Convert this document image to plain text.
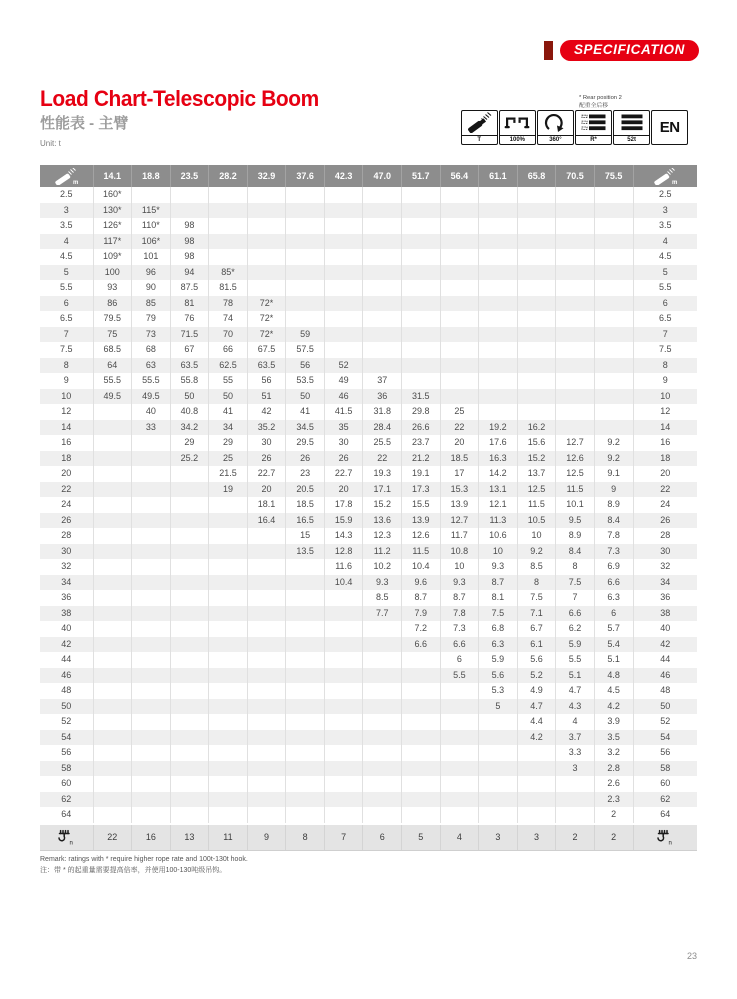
SPECIFICATION
Load Chart-Telescopic Boom
性能表 - 主臂
Unit: t
* Rear position 2
配重全后移
T	100%	360°	R*	52t
EN
m	14.1	18.8	23.5	28.2	32.9	37.6	42.3	47.0	51.7	56.4	61.1	65.8	70.5	75.5	m

2.5	160*														2.5
3	130*	115*													3
3.5	126*	110*	98												3.5
4	117*	106*	98												4
4.5	109*	101	98												4.5
5	100	96	94	85*											5
5.5	93	90	87.5	81.5											5.5
6	86	85	81	78	72*										6
6.5	79.5	79	76	74	72*										6.5
7	75	73	71.5	70	72*	59									7
7.5	68.5	68	67	66	67.5	57.5									7.5
8	64	63	63.5	62.5	63.5	56	52								8
9	55.5	55.5	55.8	55	56	53.5	49	37							9
10	49.5	49.5	50	50	51	50	46	36	31.5						10
12		40	40.8	41	42	41	41.5	31.8	29.8	25					12
14		33	34.2	34	35.2	34.5	35	28.4	26.6	22	19.2	16.2			14
16			29	29	30	29.5	30	25.5	23.7	20	17.6	15.6	12.7	9.2	16
18			25.2	25	26	26	26	22	21.2	18.5	16.3	15.2	12.6	9.2	18
20				21.5	22.7	23	22.7	19.3	19.1	17	14.2	13.7	12.5	9.1	20
22				19	20	20.5	20	17.1	17.3	15.3	13.1	12.5	11.5	9	22
24					18.1	18.5	17.8	15.2	15.5	13.9	12.1	11.5	10.1	8.9	24
26					16.4	16.5	15.9	13.6	13.9	12.7	11.3	10.5	9.5	8.4	26
28						15	14.3	12.3	12.6	11.7	10.6	10	8.9	7.8	28
30						13.5	12.8	11.2	11.5	10.8	10	9.2	8.4	7.3	30
32							11.6	10.2	10.4	10	9.3	8.5	8	6.9	32
34							10.4	9.3	9.6	9.3	8.7	8	7.5	6.6	34
36								8.5	8.7	8.7	8.1	7.5	7	6.3	36
38								7.7	7.9	7.8	7.5	7.1	6.6	6	38
40									7.2	7.3	6.8	6.7	6.2	5.7	40
42									6.6	6.6	6.3	6.1	5.9	5.4	42
44										6	5.9	5.6	5.5	5.1	44
46										5.5	5.6	5.2	5.1	4.8	46
48											5.3	4.9	4.7	4.5	48
50											5	4.7	4.3	4.2	50
52												4.4	4	3.9	52
54												4.2	3.7	3.5	54
56													3.3	3.2	56
58													3	2.8	58
60														2.6	60
62														2.3	62
64														2	64

n	22	16	13	11	9	8	7	6	5	4	3	3	2	2	n
Remark: ratings with * require higher rope rate and 100t-130t hook.
注：带 * 的起重量需要提高倍率，并使用100-130吨级吊钩。
23
